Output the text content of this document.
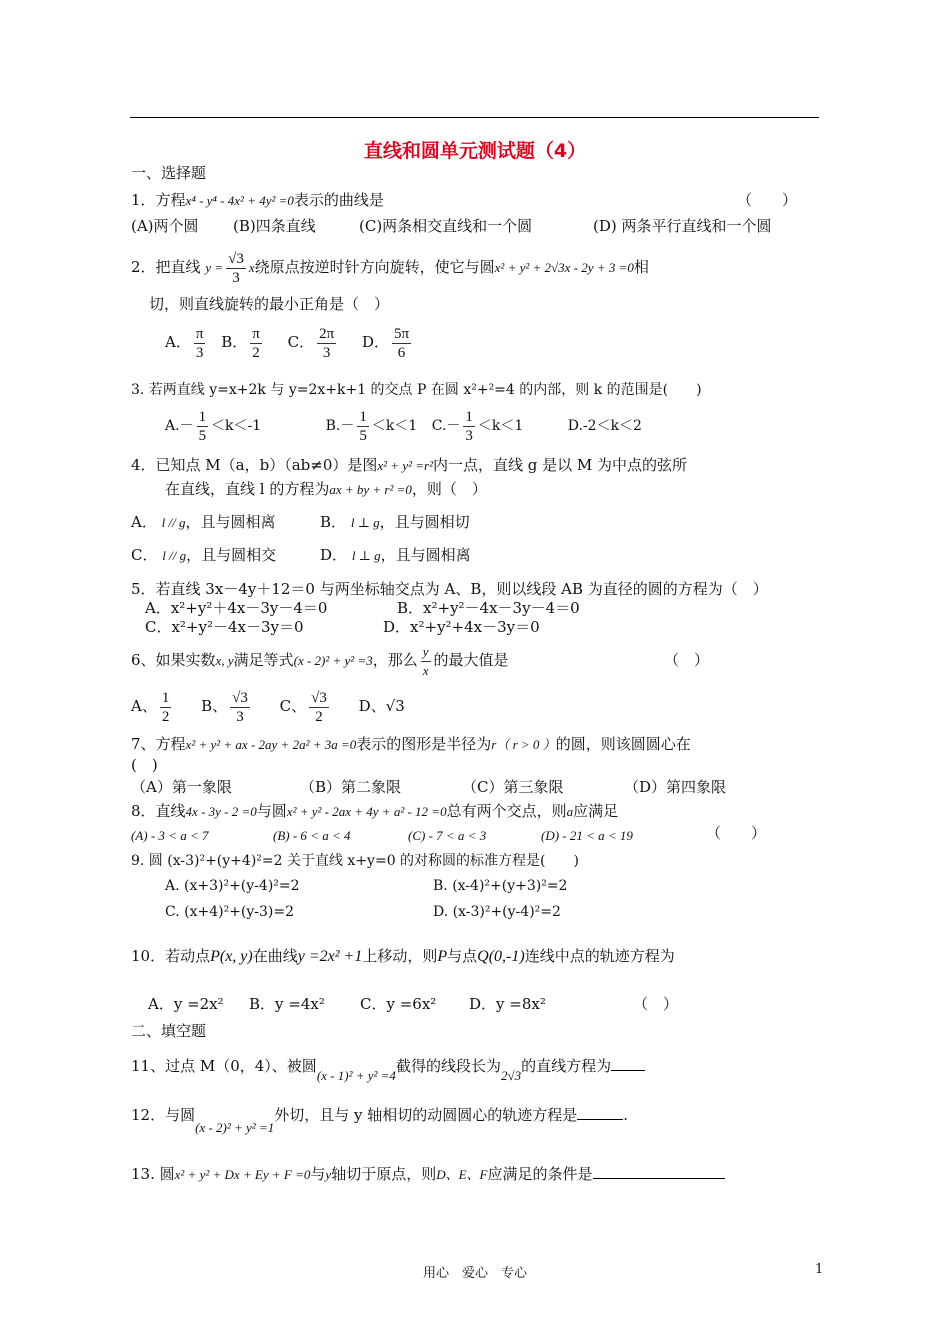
直线和圆单元测试题（4）
一、选择题
1．方程x⁴ - y⁴ - 4x² + 4y² =0表示的曲线是	（　　）
(A)两个圆 (B)四条直线	(C)两条相交直线和一个圆	(D) 两条平行直线和一个圆
2．把直线 $y = \frac{√3}{3}$ x绕原点按逆时针方向旋转，使它与圆x² + y² + 2√3x - 2y + 3 =0相
切，则直线旋转的最小正角是（　）
A． $\frac{\pi}{3}$ B． $\frac{\pi}{2}$ C． $\frac{2\pi}{3}$ D． $\frac{5\pi}{6}$
3. 若两直线 y=x+2k 与 y=2x+k+1 的交点 P 在圆 x²+²=4 的内部，则 k 的范围是(　　)
$A.- \frac{1}{5} <k<-1$	$B.- \frac{1}{5} <k<1$ $C.- \frac{1}{3} <k<1$	D.-2＜k＜2
4．已知点 M（a，b）（ab≠0）是图x² + y² =r²内一点，直线 g 是以 M 为中点的弦所
在直线，直线 l 的方程为ax + by + r² =0，则（　）
A． l // g，且与圆相离	B． l ⊥ g，且与圆相切
C． l // g，且与圆相交	D． l ⊥ g，且与圆相离
5．若直线 3x－4y＋12＝0 与两坐标轴交点为 A、B，则以线段 AB 为直径的圆的方程为（　）
A．x²+y²＋4x－3y－4＝0	B．x²+y²－4x－3y－4＝0
C．x²+y²－4x－3y＝0	D．x²+y²+4x－3y＝0
6、如果实数x, y满足等式(x - 2)² + y² =3，那么 $\frac{y}{x}$ 的最大值是	（　）
A、 $\frac{1}{2}$ B、 $\frac{√3}{3}$ C、 $\frac{√3}{2}$ D、√3
7、方程x² + y² + ax - 2ay + 2a² + 3a =0表示的图形是半径为r（ r > 0 ）的圆，则该圆圆心在
(　)
（A）第一象限	（B）第二象限	（C）第三象限	（D）第四象限
8．直线4x - 3y - 2 =0与圆x² + y² - 2ax + 4y + a² - 12 =0总有两个交点，则a应满足
(A) - 3 < a < 7	(B) - 6 < a < 4	(C) - 7 < a < 3	(D) - 21 < a < 19	（　　）
9. 圆 (x-3)²+(y+4)²=2 关于直线 x+y=0 的对称圆的标准方程是(　　)
A. (x+3)²+(y-4)²=2	B. (x-4)²+(y+3)²=2
C. (x+4)²+(y-3)=2	D. (x-3)²+(y-4)²=2
10．若动点P(x, y)在曲线y =2x² +1上移动，则P与点Q(0,-1)连线中点的轨迹方程为
A．y =2x² B．y =4x² C．y =6x² D．y =8x²	（　）
二、填空题
11、过点 M（0，4）、被圆(x - 1)² + y² =4截得的线段长为2√3的直线方程为
12．与圆(x - 2)² + y² =1外切，且与 y 轴相切的动圆圆心的轨迹方程是	.
13. 圆x² + y² + Dx + Ey + F =0与y轴切于原点，则D、E、F应满足的条件是
用心　爱心　专心	1
